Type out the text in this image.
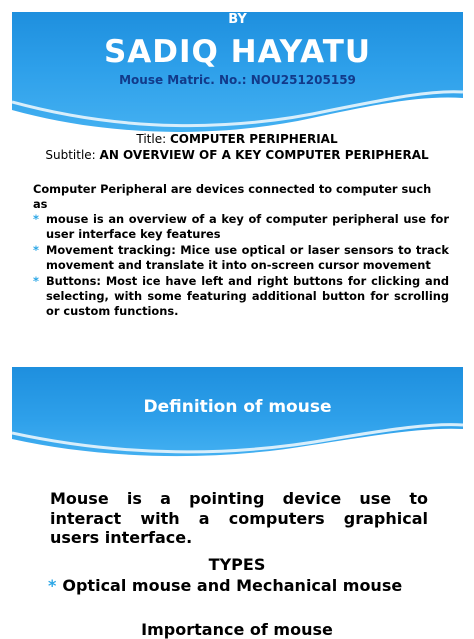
BY
SADIQ HAYATU
Mouse Matric. No.: NOU251205159
Title: COMPUTER PERIPHERIAL
Subtitle: AN OVERVIEW OF A KEY COMPUTER PERIPHERAL
Computer Peripheral are devices connected to computer such as
* mouse is an overview of a key of computer peripheral use for user interface key features
* Movement tracking: Mice use optical or laser sensors to track movement and translate it into on-screen cursor movement
* Buttons: Most ice have left and right buttons for clicking and selecting, with some featuring additional button for scrolling or custom functions.
Definition of mouse
Mouse is a pointing device use to interact with a computers graphical users interface.
TYPES
* Optical mouse and Mechanical mouse
Importance of mouse
